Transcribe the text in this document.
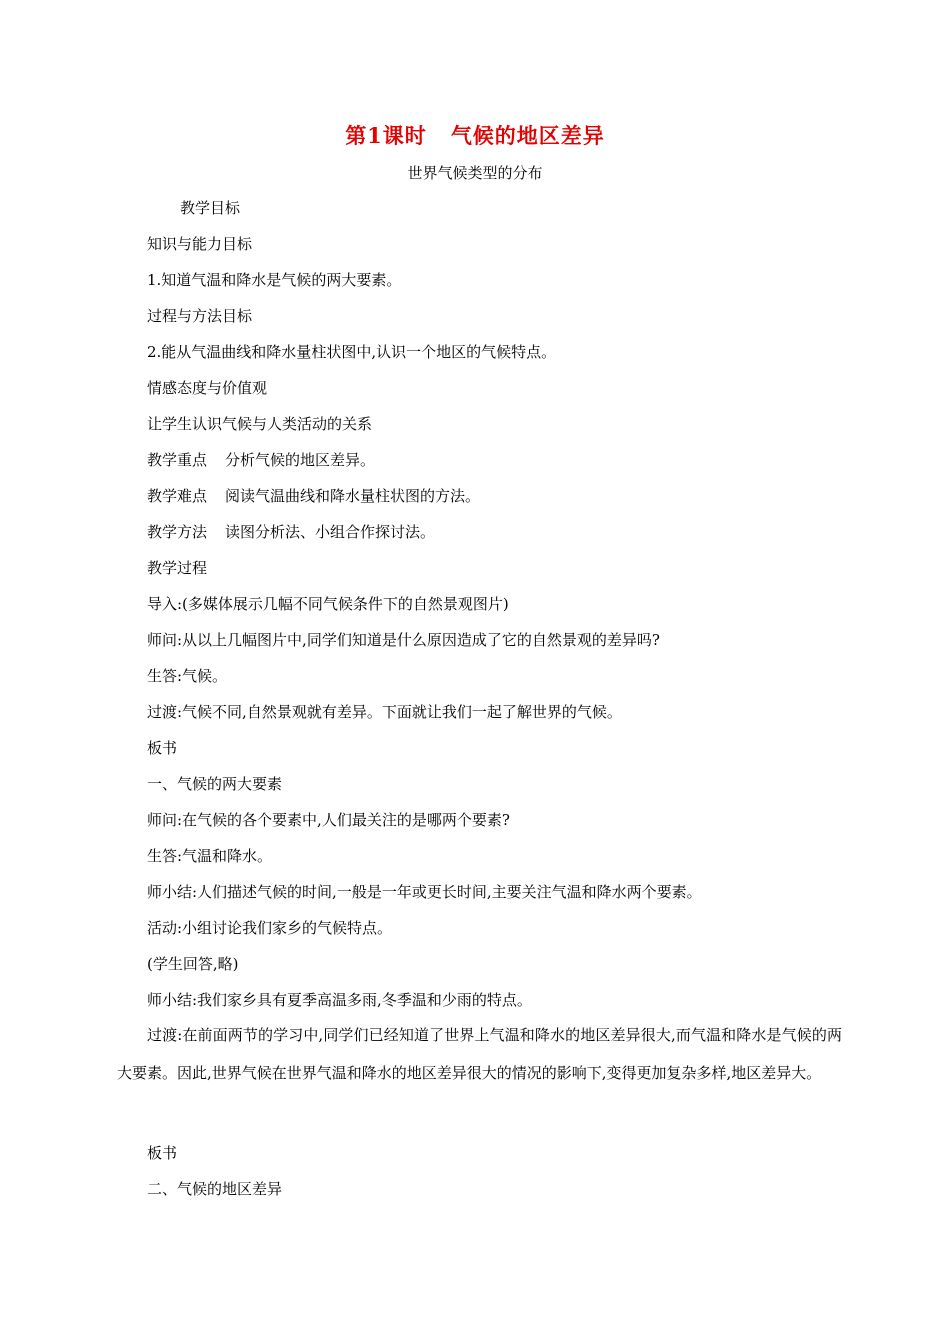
第1课时 气候的地区差异

世界气候类型的分布

教学目标

知识与能力目标

1.知道气温和降水是气候的两大要素。

过程与方法目标

2.能从气温曲线和降水量柱状图中,认识一个地区的气候特点。

情感态度与价值观

让学生认识气候与人类活动的关系

教学重点 分析气候的地区差异。

教学难点 阅读气温曲线和降水量柱状图的方法。

教学方法 读图分析法、小组合作探讨法。

教学过程

导入:(多媒体展示几幅不同气候条件下的自然景观图片)

师问:从以上几幅图片中,同学们知道是什么原因造成了它的自然景观的差异吗?

生答:气候。

过渡:气候不同,自然景观就有差异。下面就让我们一起了解世界的气候。

板书

一、气候的两大要素

师问:在气候的各个要素中,人们最关注的是哪两个要素?

生答:气温和降水。

师小结:人们描述气候的时间,一般是一年或更长时间,主要关注气温和降水两个要素。

活动:小组讨论我们家乡的气候特点。

(学生回答,略)

师小结:我们家乡具有夏季高温多雨,冬季温和少雨的特点。

过渡:在前面两节的学习中,同学们已经知道了世界上气温和降水的地区差异很大,而气温和降水是气候的两大要素。因此,世界气候在世界气温和降水的地区差异很大的情况的影响下,变得更加复杂多样,地区差异大。

板书

二、气候的地区差异
